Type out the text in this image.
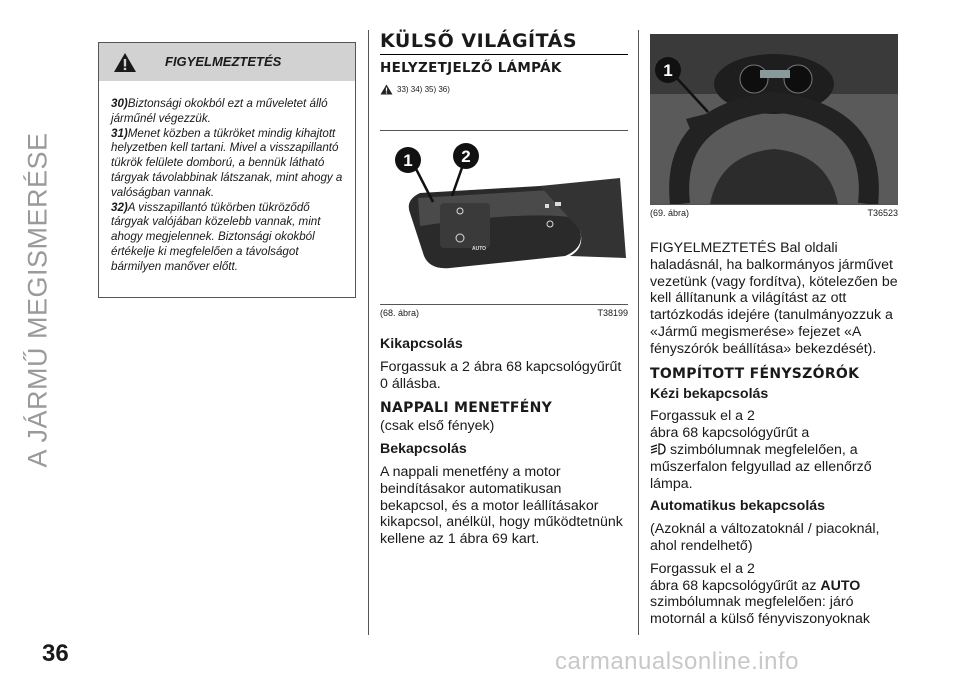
A JÁRMŰ MEGISMERÉSE
36	carmanualsonline.info
FIGYELMEZTETÉS

30)Biztonsági okokból ezt a műveletet álló járműnél végezzük.

31)Menet közben a tükröket mindig kihajtott helyzetben kell tartani. Mivel a visszapillantó tükrök felülete domború, a bennük látható tárgyak távolabbinak látszanak, mint ahogy a valóságban vannak.

32)A visszapillantó tükörben tükröződő tárgyak valójában közelebb vannak, mint ahogy megjelennek. Biztonsági okokból értékelje ki megfelelően a távolságot bármilyen manőver előtt.

KÜLSŐ VILÁGÍTÁS
HELYZETJELZŐ LÁMPÁK
33) 34) 35) 36)
AUTO
1	2
(68. ábra)	T38199

Kikapcsolás

Forgassuk a 2 ábra 68 kapcsológyűrűt 0 állásba.

NAPPALI MENETFÉNY

(csak első fények)

Bekapcsolás

A nappali menetfény a motor beindításakor automatikusan bekapcsol, és a motor leállításakor kikapcsol, anélkül, hogy működtetnünk kellene az 1 ábra 69 kart.

1
(69. ábra)	T36523

FIGYELMEZTETÉS Bal oldali haladásnál, ha balkormányos járművet vezetünk (vagy fordítva), kötelezően be kell állítanunk a világítást az ott tartózkodás idejére (tanulmányozzuk a «Jármű megismerése» fejezet «A fényszórók beállítása» bekezdését).

TOMPÍTOTT FÉNYSZÓRÓK

Kézi bekapcsolás

Forgassuk el a 2
ábra 68 kapcsológyűrűt a
szimbólumnak megfelelően, a műszerfalon felgyullad az ellenőrző lámpa.

Automatikus bekapcsolás

(Azoknál a változatoknál / piacoknál, ahol rendelhető)

Forgassuk el a 2
ábra 68 kapcsológyűrűt az AUTO
szimbólumnak megfelelően: járó motornál a külső fényviszonyoknak
